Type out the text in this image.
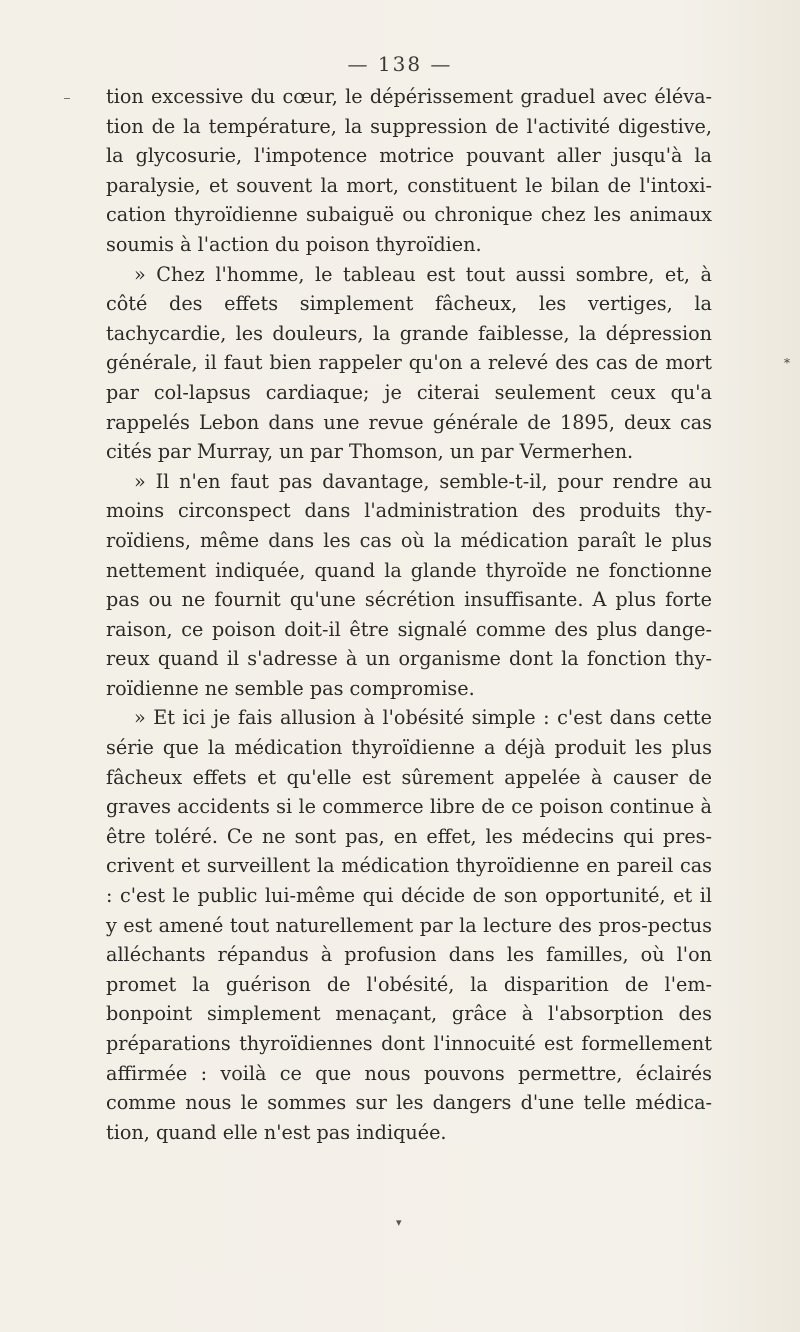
— 138 —

tion excessive du cœur, le dépérissement graduel avec éléva-tion de la température, la suppression de l'activité digestive, la glycosurie, l'impotence motrice pouvant aller jusqu'à la paralysie, et souvent la mort, constituent le bilan de l'intoxi-cation thyroïdienne subaiguë ou chronique chez les animaux soumis à l'action du poison thyroïdien.

» Chez l'homme, le tableau est tout aussi sombre, et, à côté des effets simplement fâcheux, les vertiges, la tachycardie, les douleurs, la grande faiblesse, la dépression générale, il faut bien rappeler qu'on a relevé des cas de mort par col-lapsus cardiaque; je citerai seulement ceux qu'a rappelés Lebon dans une revue générale de 1895, deux cas cités par Murray, un par Thomson, un par Vermerhen.

» Il n'en faut pas davantage, semble-t-il, pour rendre au moins circonspect dans l'administration des produits thy-roïdiens, même dans les cas où la médication paraît le plus nettement indiquée, quand la glande thyroïde ne fonctionne pas ou ne fournit qu'une sécrétion insuffisante. A plus forte raison, ce poison doit-il être signalé comme des plus dange-reux quand il s'adresse à un organisme dont la fonction thy-roïdienne ne semble pas compromise.

» Et ici je fais allusion à l'obésité simple : c'est dans cette série que la médication thyroïdienne a déjà produit les plus fâcheux effets et qu'elle est sûrement appelée à causer de graves accidents si le commerce libre de ce poison continue à être toléré. Ce ne sont pas, en effet, les médecins qui pres-crivent et surveillent la médication thyroïdienne en pareil cas : c'est le public lui-même qui décide de son opportunité, et il y est amené tout naturellement par la lecture des pros-pectus alléchants répandus à profusion dans les familles, où l'on promet la guérison de l'obésité, la disparition de l'em-bonpoint simplement menaçant, grâce à l'absorption des préparations thyroïdiennes dont l'innocuité est formellement affirmée : voilà ce que nous pouvons permettre, éclairés comme nous le sommes sur les dangers d'une telle médica-tion, quand elle n'est pas indiquée.

*
▾
